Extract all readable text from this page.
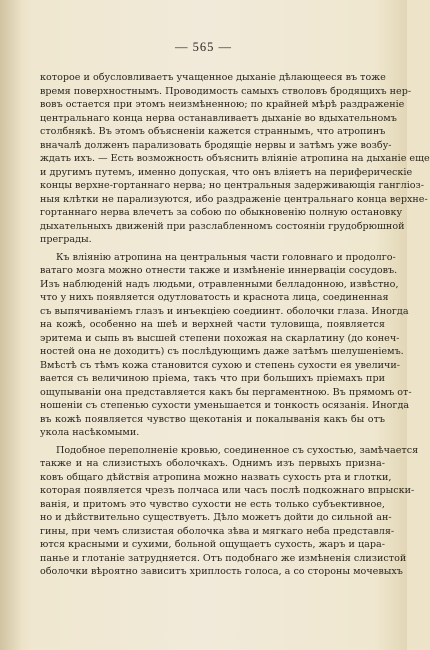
— 565 —
которое и обусловливаетъ учащенное дыханіе дѣлающееся въ тоже
время поверхностнымъ. Проводимость самыхъ стволовъ бродящихъ нер-
вовъ остается при этомъ неизмѣненною; по крайней мѣрѣ раздраженіе
центральнаго конца нерва останавливаетъ дыханіе во вдыхательномъ
столбнякѣ. Въ этомъ объясненіи кажется страннымъ, что атропинъ
вначалѣ долженъ парализовать бродящіе нервы и затѣмъ уже возбу-
ждать ихъ. — Есть возможность объяснить вліяніе атропина на дыханіе еще
и другимъ путемъ, именно допуская, что онъ вліяетъ на периферическіе
концы верхне-гортаннаго нерва; но центральныя задерживающія гангліоз-
ныя клѣтки не парализуются, ибо раздраженіе центральнаго конца верхне-
гортаннаго нерва влечетъ за собою по обыкновенію полную остановку
дыхательныхъ движеній при разслабленномъ состояніи грудобрюшной
преграды.
Къ вліянію атропина на центральныя части головнаго и продолго-
ватаго мозга можно отнести также и измѣненіе иннерваціи сосудовъ.
Изъ наблюденій надъ людьми, отравленными белладонною, извѣстно,
что у нихъ появляется одутловатость и краснота лица, соединенная
съ выпячиваніемъ глазъ и инъекціею соедиинт. оболочки глаза. Иногда
на кожѣ, особенно на шеѣ и верхней части туловища, появляется
эритема и сыпь въ высшей степени похожая на скарлатину (до конеч-
ностей она не доходитъ) съ послѣдующимъ даже затѣмъ шелушеніемъ.
Вмѣстѣ съ тѣмъ кожа становится сухою и степень сухости ея увеличи-
вается съ величиною пріема, такъ что при большихъ пріемахъ при
ощупываніи она представляется какъ бы пергаментною. Въ прямомъ от-
ношеніи съ степенью сухости уменьшается и тонкость осязанія. Иногда
въ кожѣ появляется чувство щекотанія и покалыванія какъ бы отъ
укола насѣкомыми.
Подобное переполненіе кровью, соединенное съ сухостью, замѣчается
также и на слизистыхъ оболочкахъ. Однимъ изъ первыхъ призна-
ковъ общаго дѣйствія атропина можно назвать сухость рта и глотки,
которая появляется чрезъ полчаса или часъ послѣ подкожнаго впрыски-
ванія, и притомъ это чувство сухости не есть только субъективное,
но и дѣйствительно существуетъ. Дѣло можетъ дойти до сильной ан-
гины, при чемъ слизистая оболочка зѣва и мягкаго неба представля-
ются красными и сухими, больной ощущаетъ сухость, жаръ и цара-
панье и глотаніе затрудняется. Отъ подобнаго же измѣненія слизистой
оболочки вѣроятно зависитъ хриплость голоса, а со стороны мочевыхъ
